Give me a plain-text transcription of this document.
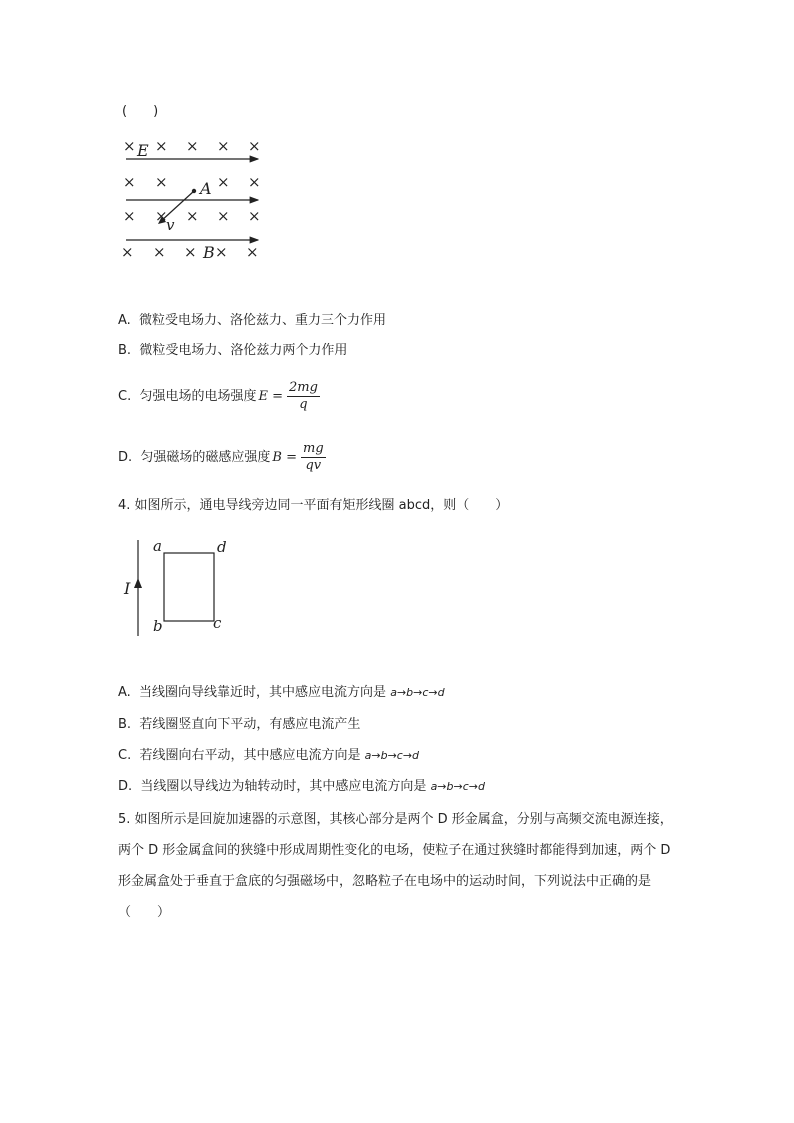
(　　)
× × × × ×
× ×	× ×
× × × × ×
× × × × ×
E
A
v
B
A.  微粒受电场力、洛伦兹力、重力三个力作用
B.  微粒受电场力、洛伦兹力两个力作用
C.  匀强电场的电场强度 $E = \frac{2mg}{q}$
D.  匀强磁场的磁感应强度 $B = \frac{mg}{qv}$
4. 如图所示，通电导线旁边同一平面有矩形线圈 abcd，则（　　）
I
a	d
b	c
A.  当线圈向导线靠近时，其中感应电流方向是 a→b→c→d
B.  若线圈竖直向下平动，有感应电流产生
C.  若线圈向右平动，其中感应电流方向是 a→b→c→d
D.  当线圈以导线边为轴转动时，其中感应电流方向是 a→b→c→d
5. 如图所示是回旋加速器的示意图，其核心部分是两个 D 形金属盒，分别与高频交流电源连接，两个 D 形金属盒间的狭缝中形成周期性变化的电场，使粒子在通过狭缝时都能得到加速，两个 D 形金属盒处于垂直于盒底的匀强磁场中，忽略粒子在电场中的运动时间，下列说法中正确的是（　　）
